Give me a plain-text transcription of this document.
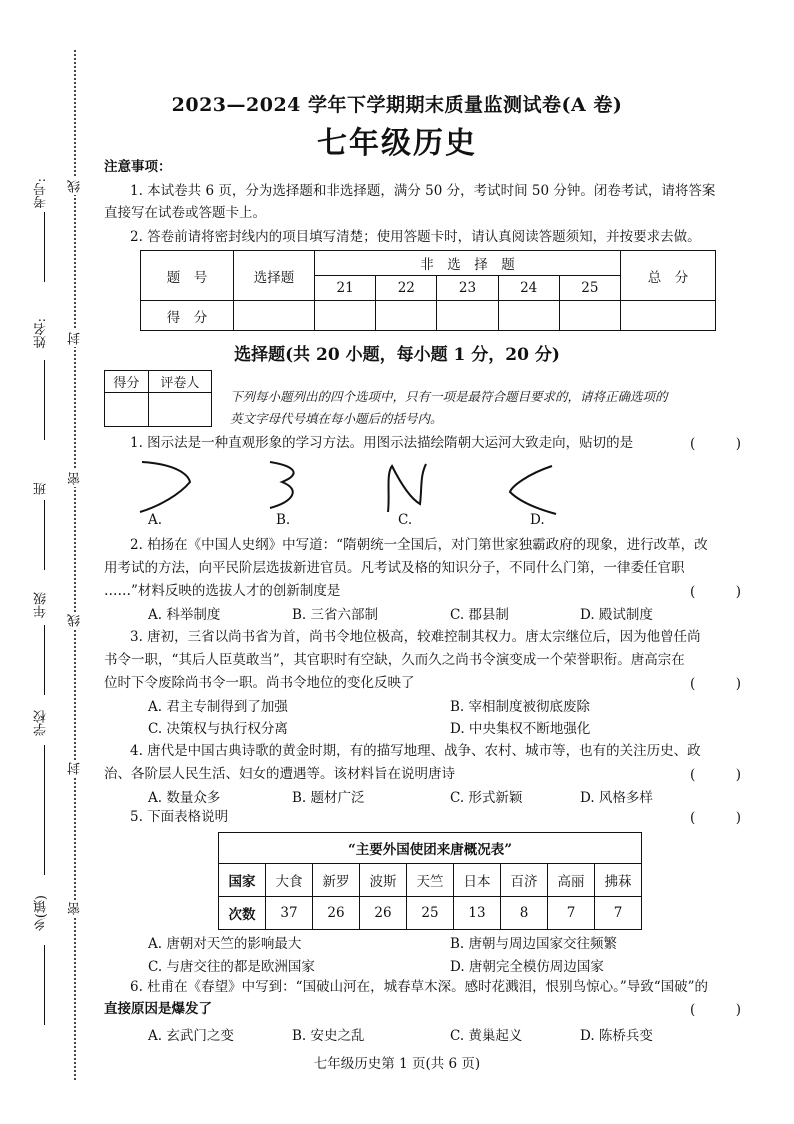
考号:
姓名:
班
年级
学校
乡(镇)
线
封
密
线
封
密
2023—2024 学年下学期期末质量监测试卷(A 卷)
七年级历史
注意事项：
1. 本试卷共 6 页，分为选择题和非选择题，满分 50 分，考试时间 50 分钟。闭卷考试，请将答案
直接写在试卷或答题卡上。
2. 答卷前请将密封线内的项目填写清楚；使用答题卡时，请认真阅读答题须知，并按要求去做。
题　号	选择题	非　选　择　题					总　分
		21	22	23	24	25	
得　分							
选择题(共 20 小题，每小题 1 分，20 分)
得分	评卷人

下列每小题列出的四个选项中，只有一项是最符合题目要求的，请将正确选项的
英文字母代号填在每小题后的括号内。
1. 图示法是一种直观形象的学习方法。用图示法描绘隋朝大运河大致走向，贴切的是	(　　　)
A.	B.	C.	D.
2. 柏扬在《中国人史纲》中写道：“隋朝统一全国后，对门第世家独霸政府的现象，进行改革，改
用考试的方法，向平民阶层选拔新进官员。凡考试及格的知识分子，不同什么门第，一律委任官职
……”材料反映的选拔人才的创新制度是	(　　　)
A. 科举制度	B. 三省六部制	C. 郡县制	D. 殿试制度
3. 唐初，三省以尚书省为首，尚书令地位极高，较难控制其权力。唐太宗继位后，因为他曾任尚
书令一职，“其后人臣莫敢当”，其官职时有空缺，久而久之尚书令演变成一个荣誉职衔。唐高宗在
位时下令废除尚书令一职。尚书令地位的变化反映了	(　　　)
A. 君主专制得到了加强	B. 宰相制度被彻底废除
C. 决策权与执行权分离	D. 中央集权不断地强化
4. 唐代是中国古典诗歌的黄金时期，有的描写地理、战争、农村、城市等，也有的关注历史、政
治、各阶层人民生活、妇女的遭遇等。该材料旨在说明唐诗	(　　　)
A. 数量众多	B. 题材广泛	C. 形式新颖	D. 风格多样
5. 下面表格说明	(　　　)
“主要外国使团来唐概况表”								
国家	大食	新罗	波斯	天竺	日本	百济	高丽	拂菻
次数	37	26	26	25	13	8	7	7
A. 唐朝对天竺的影响最大	B. 唐朝与周边国家交往频繁
C. 与唐交往的都是欧洲国家	D. 唐朝完全模仿周边国家
6. 杜甫在《春望》中写到：“国破山河在，城春草木深。感时花溅泪，恨别鸟惊心。”导致“国破”的
直接原因是爆发了	(　　　)
A. 玄武门之变	B. 安史之乱	C. 黄巢起义	D. 陈桥兵变
七年级历史第 1 页(共 6 页)
